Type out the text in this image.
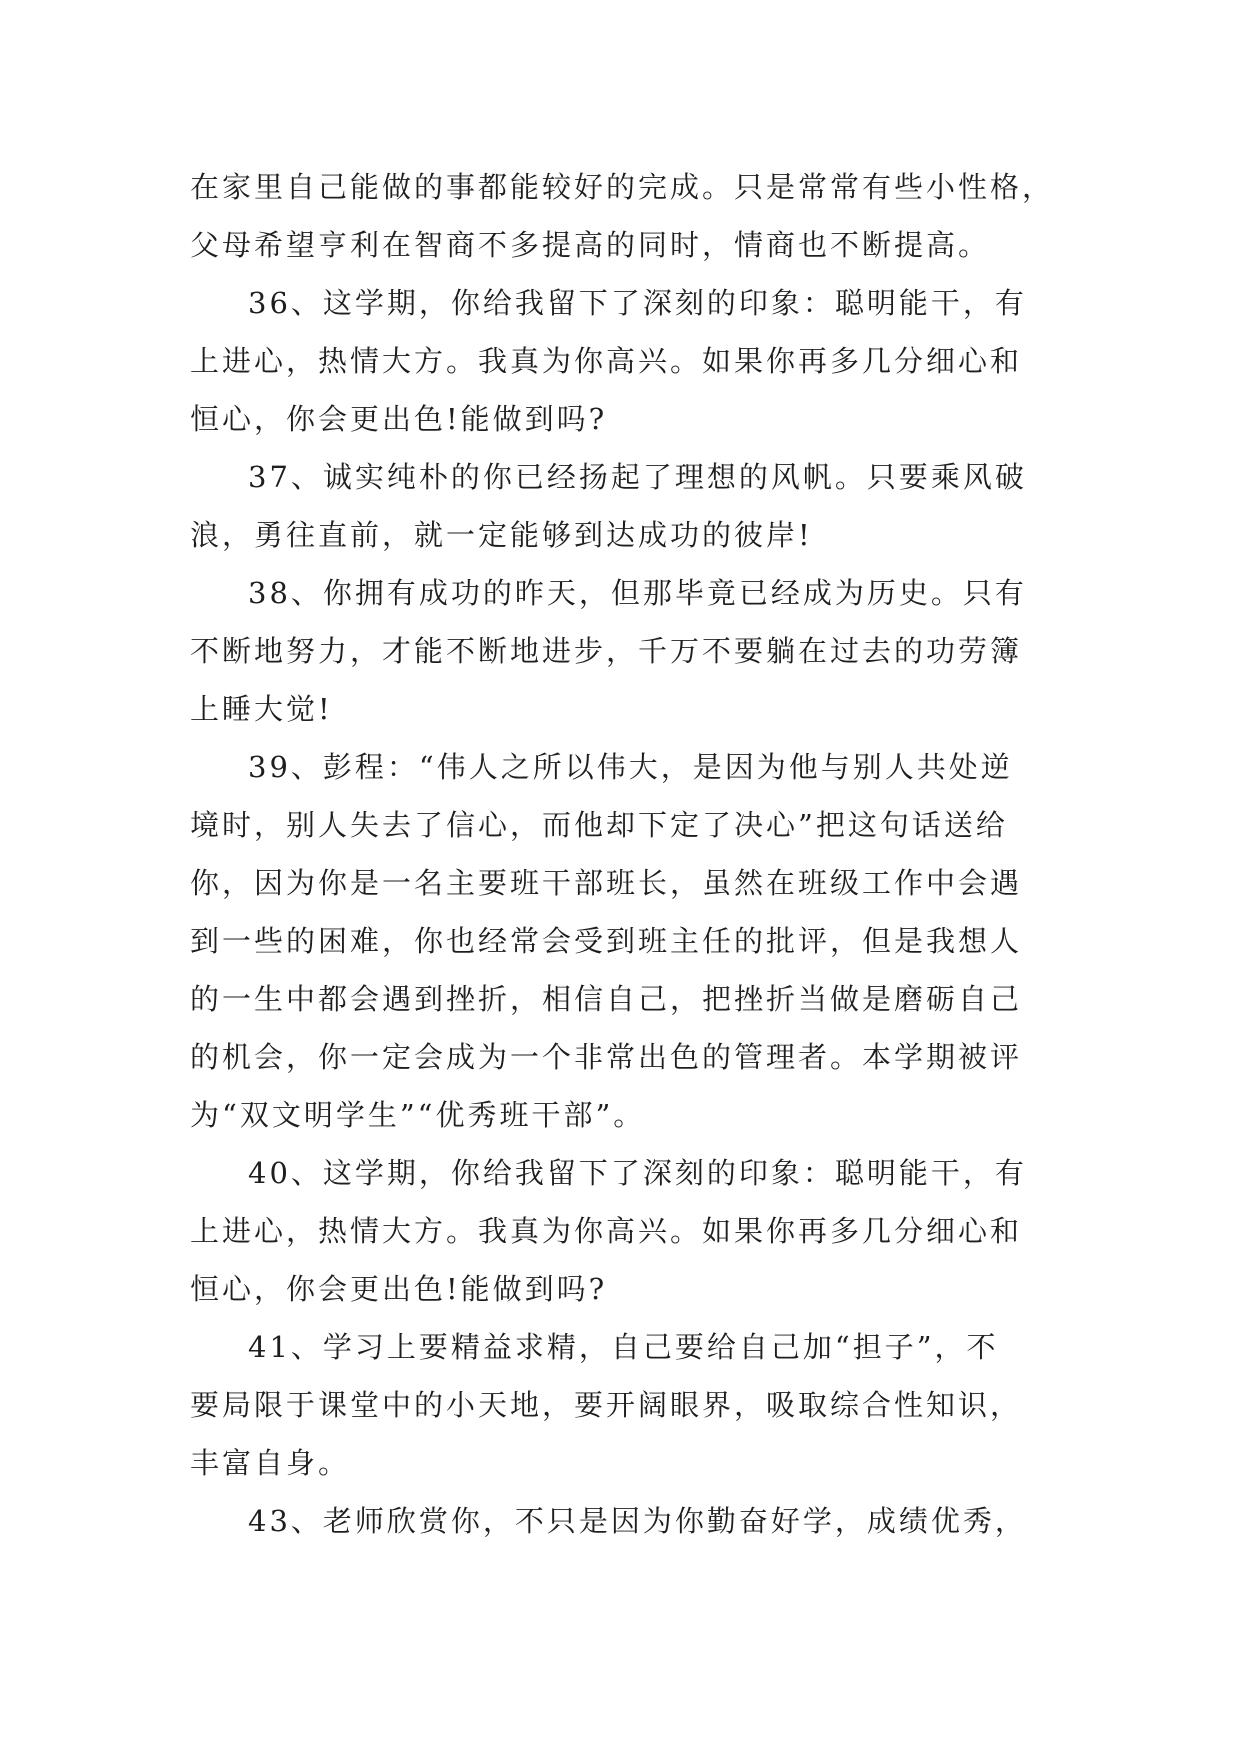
在家里自己能做的事都能较好的完成。只是常常有些小性格，
父母希望亨利在智商不多提高的同时，情商也不断提高。
36、这学期，你给我留下了深刻的印象：聪明能干，有
上进心，热情大方。我真为你高兴。如果你再多几分细心和
恒心，你会更出色!能做到吗?
37、诚实纯朴的你已经扬起了理想的风帆。只要乘风破
浪，勇往直前，就一定能够到达成功的彼岸!
38、你拥有成功的昨天，但那毕竟已经成为历史。只有
不断地努力，才能不断地进步，千万不要躺在过去的功劳簿
上睡大觉!
39、彭程：“伟人之所以伟大，是因为他与别人共处逆
境时，别人失去了信心，而他却下定了决心”把这句话送给
你，因为你是一名主要班干部班长，虽然在班级工作中会遇
到一些的困难，你也经常会受到班主任的批评，但是我想人
的一生中都会遇到挫折，相信自己，把挫折当做是磨砺自己
的机会，你一定会成为一个非常出色的管理者。本学期被评
为“双文明学生”“优秀班干部”。
40、这学期，你给我留下了深刻的印象：聪明能干，有
上进心，热情大方。我真为你高兴。如果你再多几分细心和
恒心，你会更出色!能做到吗?
41、学习上要精益求精，自己要给自己加“担子”，不
要局限于课堂中的小天地，要开阔眼界，吸取综合性知识，
丰富自身。
43、老师欣赏你，不只是因为你勤奋好学，成绩优秀，
